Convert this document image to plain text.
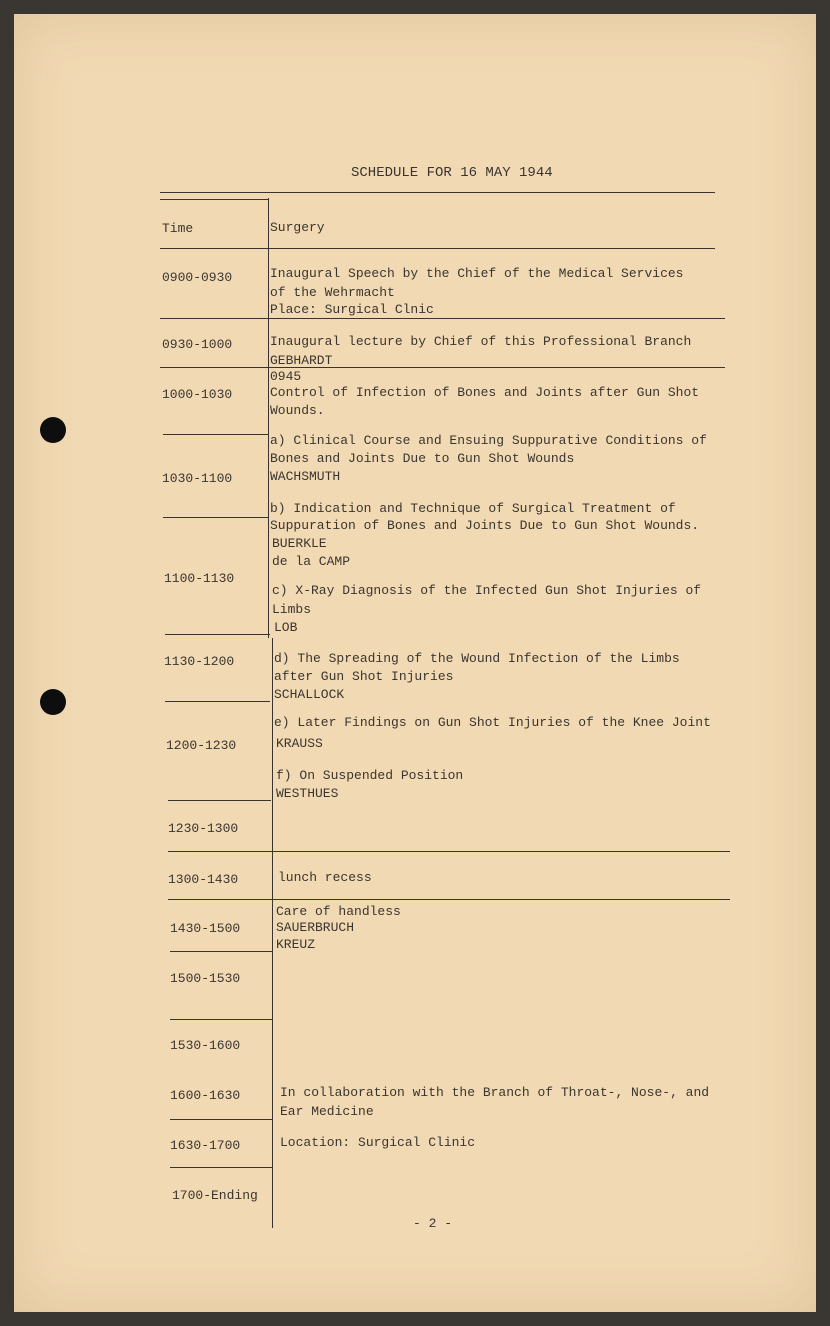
SCHEDULE FOR 16 MAY 1944
Time	Surgery
0900-0930
0930-1000
1000-1030
1030-1100
1100-1130
1130-1200
1200-1230
1230-1300
1300-1430
1430-1500
1500-1530
1530-1600
1600-1630
1630-1700
1700-Ending
Inaugural Speech by the Chief of the Medical Services
of the Wehrmacht
Place: Surgical Clnic
Inaugural lecture by Chief of this Professional Branch
GEBHARDT
0945
Control of Infection of Bones and Joints after Gun Shot
Wounds.
a) Clinical Course and Ensuing Suppurative Conditions of
Bones and Joints Due to Gun Shot Wounds
WACHSMUTH
b) Indication and Technique of Surgical Treatment of
Suppuration of Bones and Joints Due to Gun Shot Wounds.
BUERKLE
de la CAMP
c) X-Ray Diagnosis of the Infected Gun Shot Injuries of
Limbs
LOB
d) The Spreading of the Wound Infection of the Limbs
after Gun Shot Injuries
SCHALLOCK
e) Later Findings on Gun Shot Injuries of the Knee Joint
KRAUSS
f) On Suspended Position
WESTHUES
lunch recess
Care of handless
SAUERBRUCH
KREUZ
In collaboration with the Branch of Throat-, Nose-, and
Ear Medicine
Location: Surgical Clinic
- 2 -
